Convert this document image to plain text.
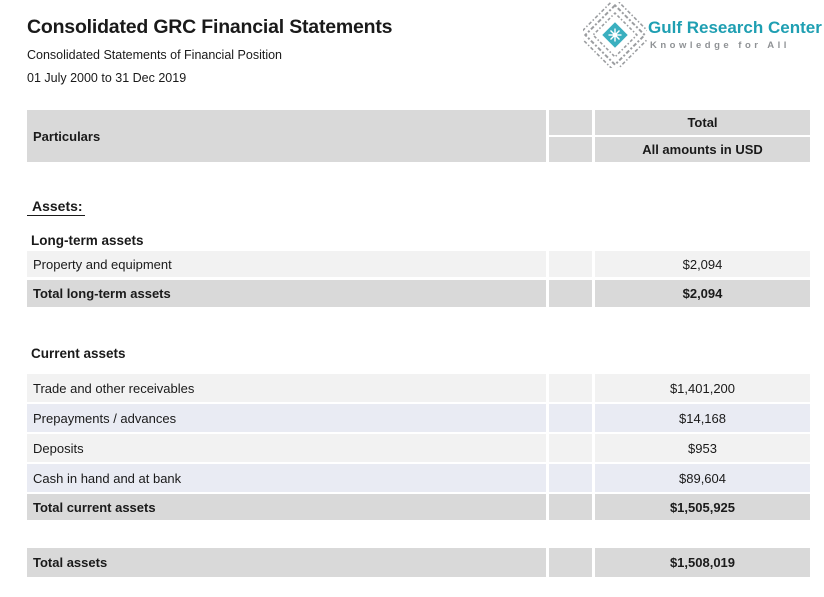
Consolidated GRC Financial Statements
Consolidated Statements of Financial Position
01 July 2000 to 31 Dec 2019
Gulf Research Center
Knowledge for All
Particulars
Total
All amounts in USD
Assets:
Long-term assets
Property and equipment	$2,094
Total long-term assets	$2,094
Current assets
Trade and other receivables	$1,401,200
Prepayments / advances	$14,168
Deposits	$953
Cash in hand and at bank	$89,604
Total current assets	$1,505,925
Total assets	$1,508,019
